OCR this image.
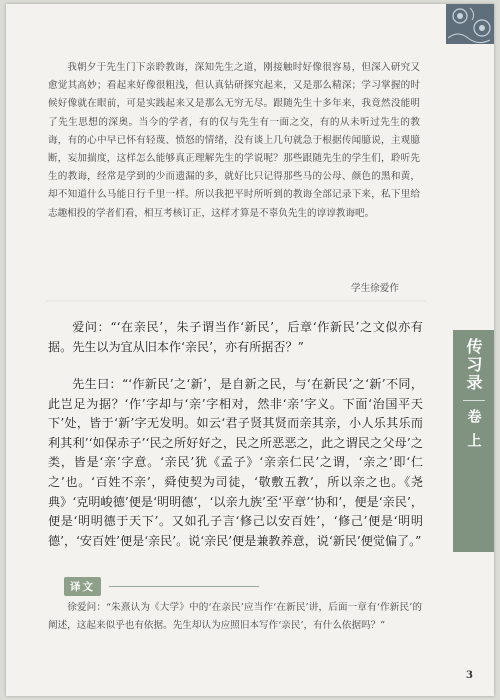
我朝夕于先生门下亲聆教诲，深知先生之道，刚接触时好像很容易，但深入研究又愈觉其高妙；看起来好像很粗浅，但认真钻研探究起来，又是那么精深；学习掌握的时候好像就在眼前，可是实践起来又是那么无穷无尽。跟随先生十多年来，我竟然没能明了先生思想的深奥。当今的学者，有的仅与先生有一面之交，有的从未听过先生的教诲，有的心中早已怀有轻蔑、愤怒的情绪，没有谈上几句就急于根据传闻臆说，主观臆断，妄加揣度，这样怎么能够真正理解先生的学说呢？那些跟随先生的学生们，聆听先生的教诲，经常是学到的少而遗漏的多，就好比只记得那些马的公母、颜色的黑和黄，却不知道什么马能日行千里一样。所以我把平时所听到的教诲全部记录下来，私下里给志趣相投的学者们看，相互考核订正，这样才算是不辜负先生的谆谆教诲吧。

学生徐爱作

爱问：“‘在亲民’，朱子谓当作‘新民’，后章‘作新民’之文似亦有据。先生以为宜从旧本作‘亲民’，亦有所据否？”

先生曰：“‘作新民’之‘新’，是自新之民，与‘在新民’之‘新’不同，此岂足为据？‘作’字却与‘亲’字相对，然非‘亲’字义。下面‘治国平天下’处，皆于‘新’字无发明。如云‘君子贤其贤而亲其亲，小人乐其乐而利其利’‘如保赤子’‘民之所好好之，民之所恶恶之，此之谓民之父母’之类，皆是‘亲’字意。‘亲民’犹《孟子》‘亲亲仁民’之谓，‘亲之’即‘仁之’也。‘百姓不亲’，舜使契为司徒，‘敬敷五教’，所以亲之也。《尧典》‘克明峻德’便是‘明明德’，‘以亲九族’至‘平章’‘协和’，便是‘亲民’，便是‘明明德于天下’。又如孔子言‘修己以安百姓’，‘修己’便是‘明明德’，‘安百姓’便是‘亲民’。说‘亲民’便是兼教养意，说‘新民’便觉偏了。”

译文

徐爱问：“朱熹认为《大学》中的‘在亲民’应当作‘在新民’讲，后面一章有‘作新民’的阐述，这起来似乎也有依据。先生却认为应照旧本写作‘亲民’，有什么依据吗？”

传习录
卷上
3
